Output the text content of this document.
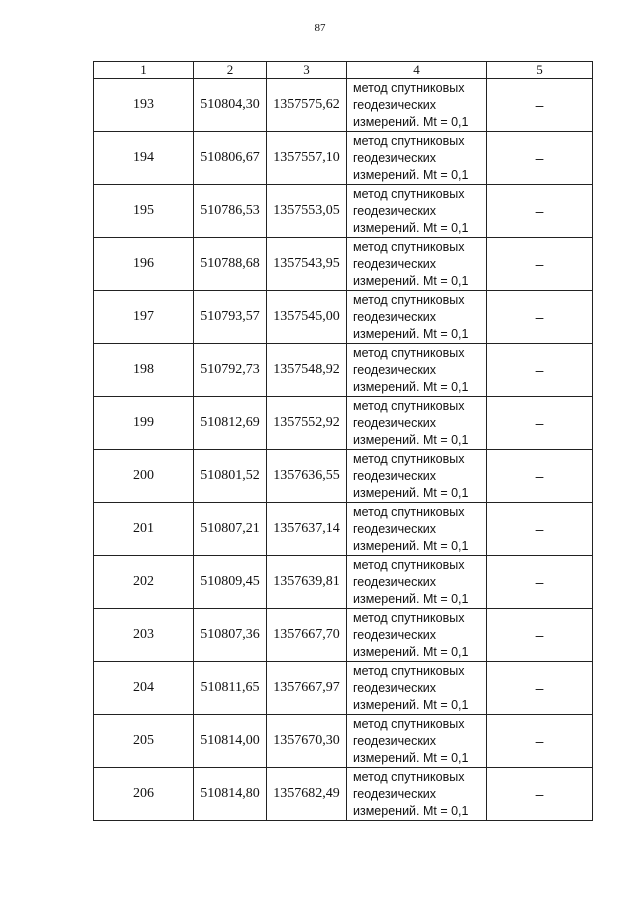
87
1	2	3	4	5
193	510804,30	1357575,62	метод спутниковых
геодезических
измерений. Mt = 0,1	–
194	510806,67	1357557,10	метод спутниковых
геодезических
измерений. Mt = 0,1	–
195	510786,53	1357553,05	метод спутниковых
геодезических
измерений. Mt = 0,1	–
196	510788,68	1357543,95	метод спутниковых
геодезических
измерений. Mt = 0,1	–
197	510793,57	1357545,00	метод спутниковых
геодезических
измерений. Mt = 0,1	–
198	510792,73	1357548,92	метод спутниковых
геодезических
измерений. Mt = 0,1	–
199	510812,69	1357552,92	метод спутниковых
геодезических
измерений. Mt = 0,1	–
200	510801,52	1357636,55	метод спутниковых
геодезических
измерений. Mt = 0,1	–
201	510807,21	1357637,14	метод спутниковых
геодезических
измерений. Mt = 0,1	–
202	510809,45	1357639,81	метод спутниковых
геодезических
измерений. Mt = 0,1	–
203	510807,36	1357667,70	метод спутниковых
геодезических
измерений. Mt = 0,1	–
204	510811,65	1357667,97	метод спутниковых
геодезических
измерений. Mt = 0,1	–
205	510814,00	1357670,30	метод спутниковых
геодезических
измерений. Mt = 0,1	–
206	510814,80	1357682,49	метод спутниковых
геодезических
измерений. Mt = 0,1	–
